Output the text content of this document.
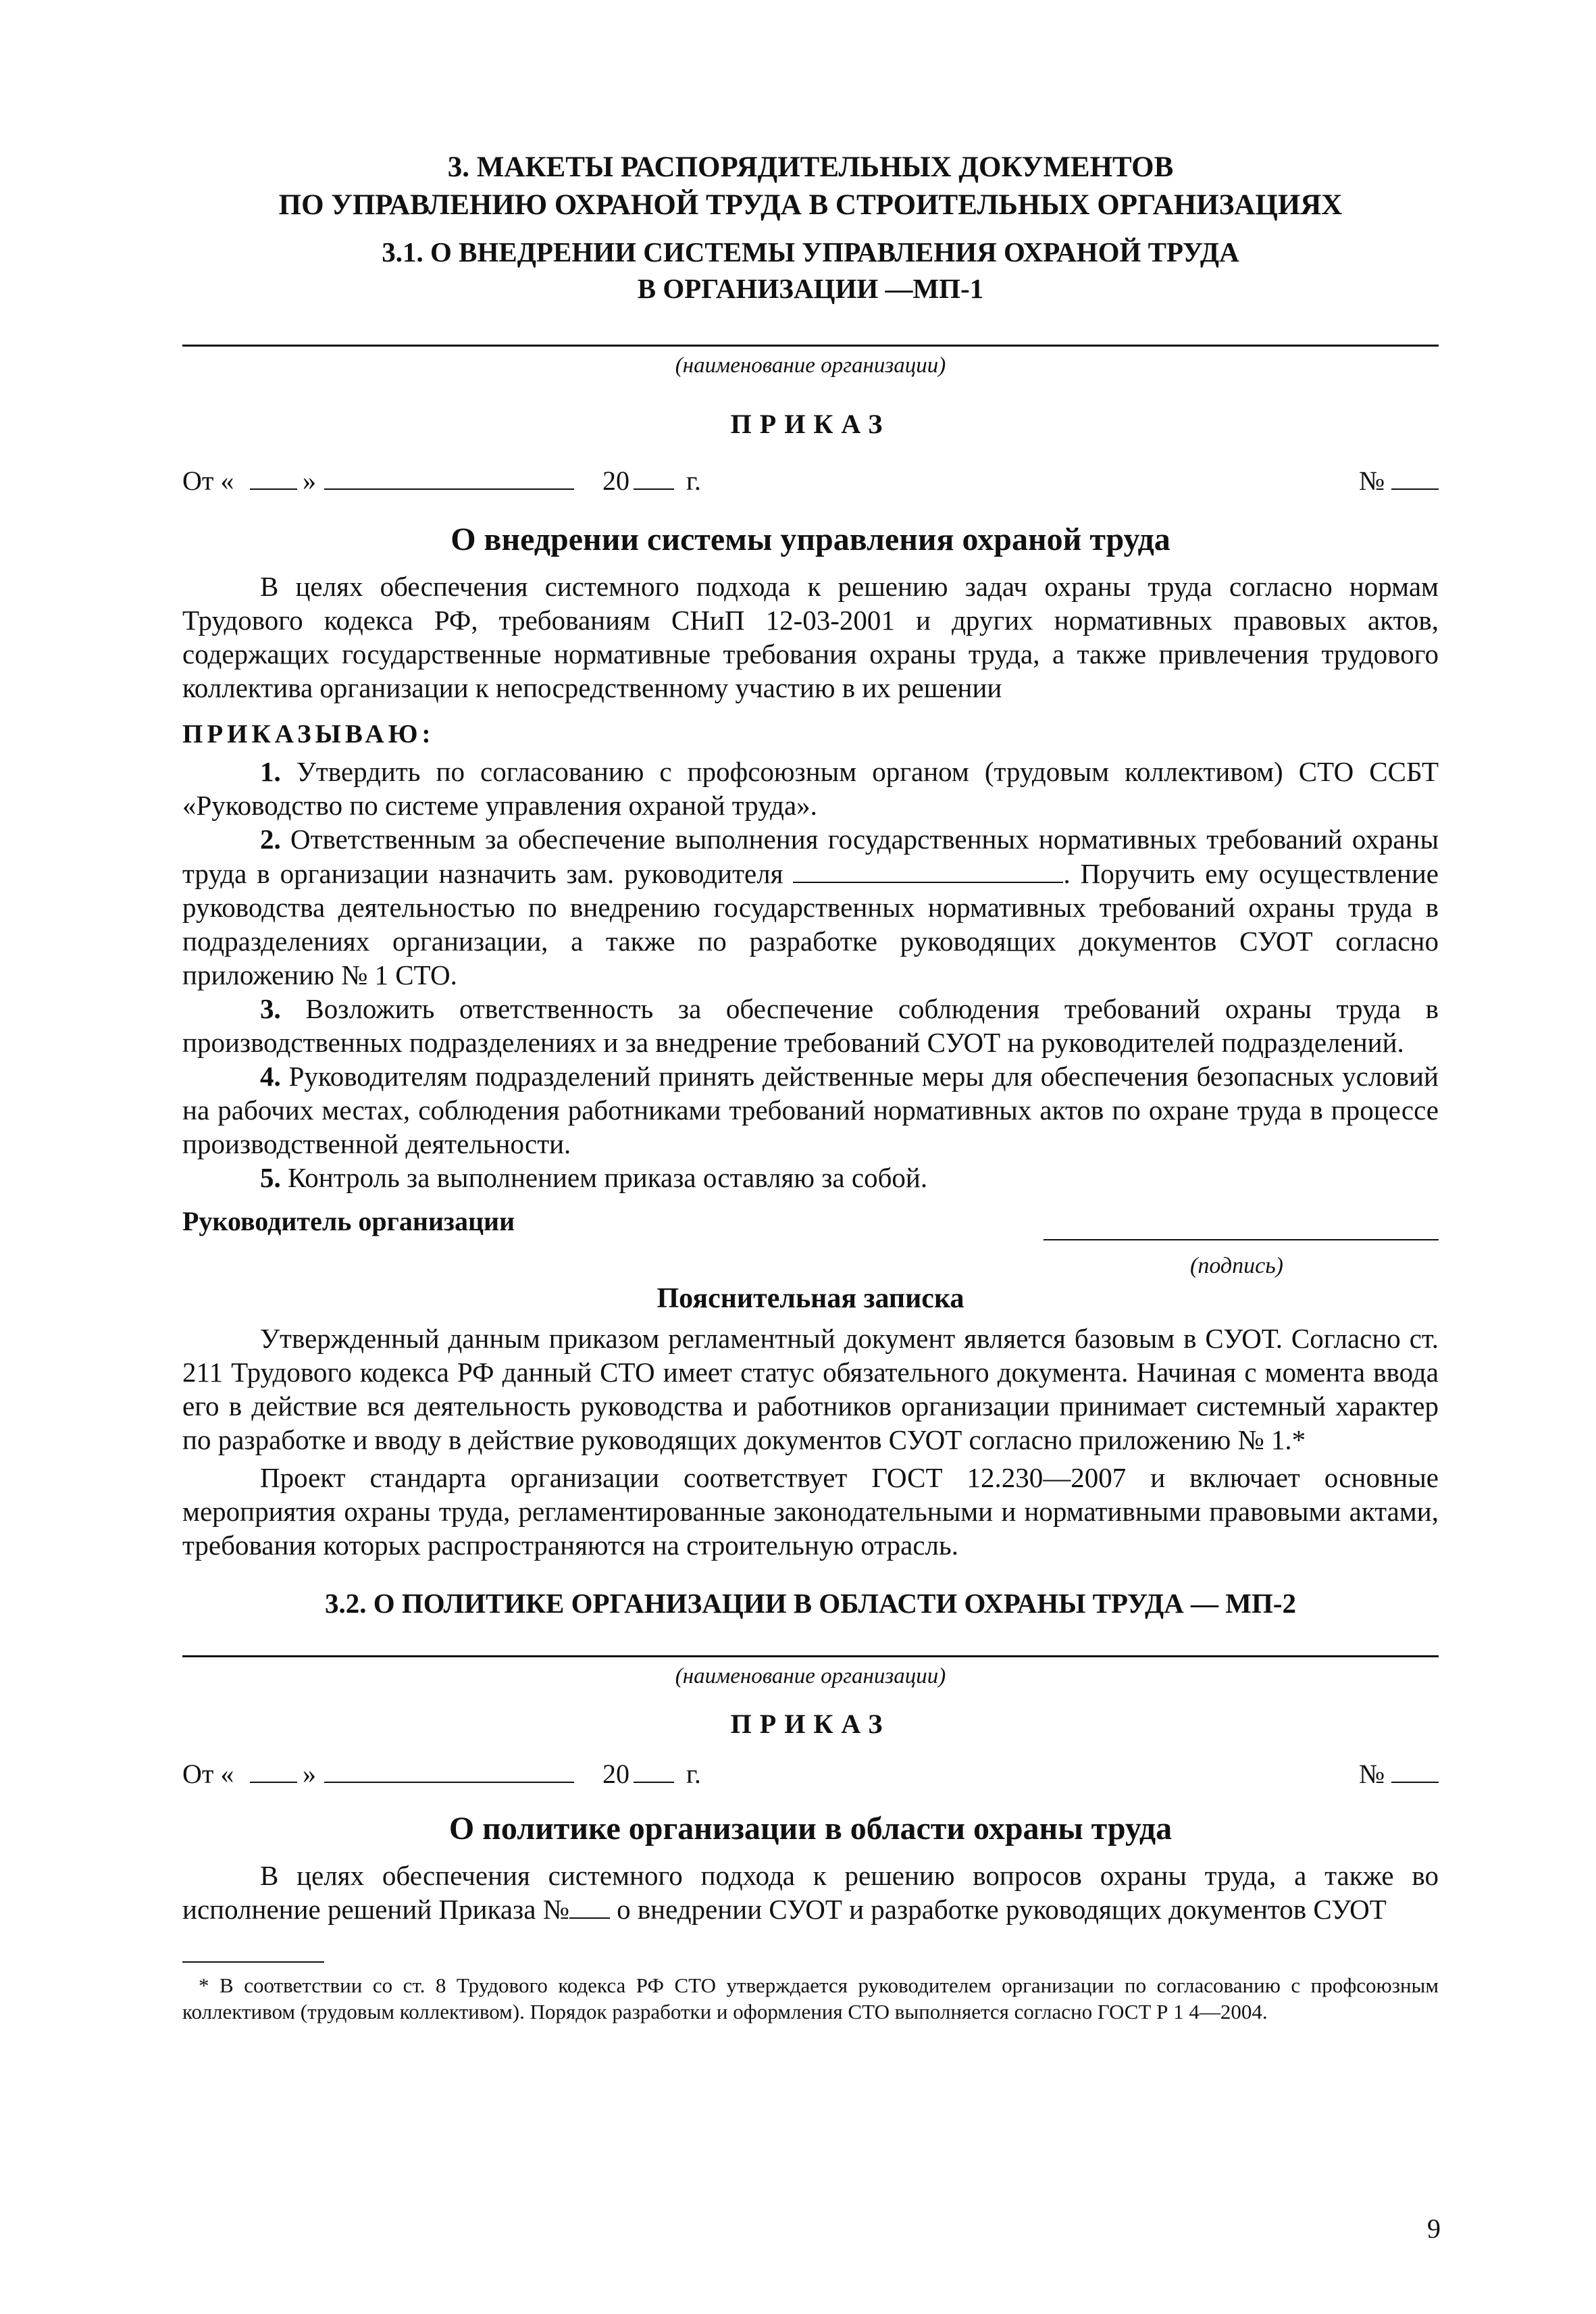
3. МАКЕТЫ РАСПОРЯДИТЕЛЬНЫХ ДОКУМЕНТОВ

ПО УПРАВЛЕНИЮ ОХРАНОЙ ТРУДА В СТРОИТЕЛЬНЫХ ОРГАНИЗАЦИЯХ

3.1. О ВНЕДРЕНИИ СИСТЕМЫ УПРАВЛЕНИЯ ОХРАНОЙ ТРУДА

В ОРГАНИЗАЦИИ —МП-1

(наименование организации)
ПРИКАЗ
От «	»	20 г.	№
О внедрении системы управления охраной труда

В целях обеспечения системного подхода к решению задач охраны труда согласно нормам Трудового кодекса РФ, требованиям СНиП 12-03-2001 и других нормативных правовых актов, содержащих государственные нормативные требования охраны труда, а также привлечения трудового коллектива организации к непосредственному участию в их решении

ПРИКАЗЫВАЮ:

1. Утвердить по согласованию с профсоюзным органом (трудовым коллективом) СТО ССБТ «Руководство по системе управления охраной труда».

2. Ответственным за обеспечение выполнения государственных нормативных требований охраны труда в организации назначить зам. руководителя	. Поручить ему осуществление руководства деятельностью по внедрению государственных нормативных требований охраны труда в подразделениях организации, а также по разработке руководящих документов СУОТ согласно приложению № 1 СТО.

3. Возложить ответственность за обеспечение соблюдения требований охраны труда в производственных подразделениях и за внедрение требований СУОТ на руководителей подразделений.

4. Руководителям подразделений принять действенные меры для обеспечения безопасных условий на рабочих местах, соблюдения работниками требований нормативных актов по охране труда в процессе производственной деятельности.

5. Контроль за выполнением приказа оставляю за собой.

Руководитель организации
(подпись)
Пояснительная записка

Утвержденный данным приказом регламентный документ является базовым в СУОТ. Согласно ст. 211 Трудового кодекса РФ данный СТО имеет статус обязательного документа. Начиная с момента ввода его в действие вся деятельность руководства и работников организации принимает системный характер по разработке и вводу в действие руководящих документов СУОТ согласно приложению № 1.*

Проект стандарта организации соответствует ГОСТ 12.230—2007 и включает основные мероприятия охраны труда, регламентированные законодательными и нормативными правовыми актами, требования которых распространяются на строительную отрасль.

3.2. О ПОЛИТИКЕ ОРГАНИЗАЦИИ В ОБЛАСТИ ОХРАНЫ ТРУДА — МП-2

(наименование организации)
ПРИКАЗ
От «	»	20 г.	№
О политике организации в области охраны труда

В целях обеспечения системного подхода к решению вопросов охраны труда, а также во исполнение решений Приказа № о внедрении СУОТ и разработке руководящих документов СУОТ

* В соответствии со ст. 8 Трудового кодекса РФ СТО утверждается руководителем организации по согласованию с профсоюзным коллективом (трудовым коллективом). Порядок разработки и оформления СТО выполняется согласно ГОСТ Р 1 4—2004.
9
